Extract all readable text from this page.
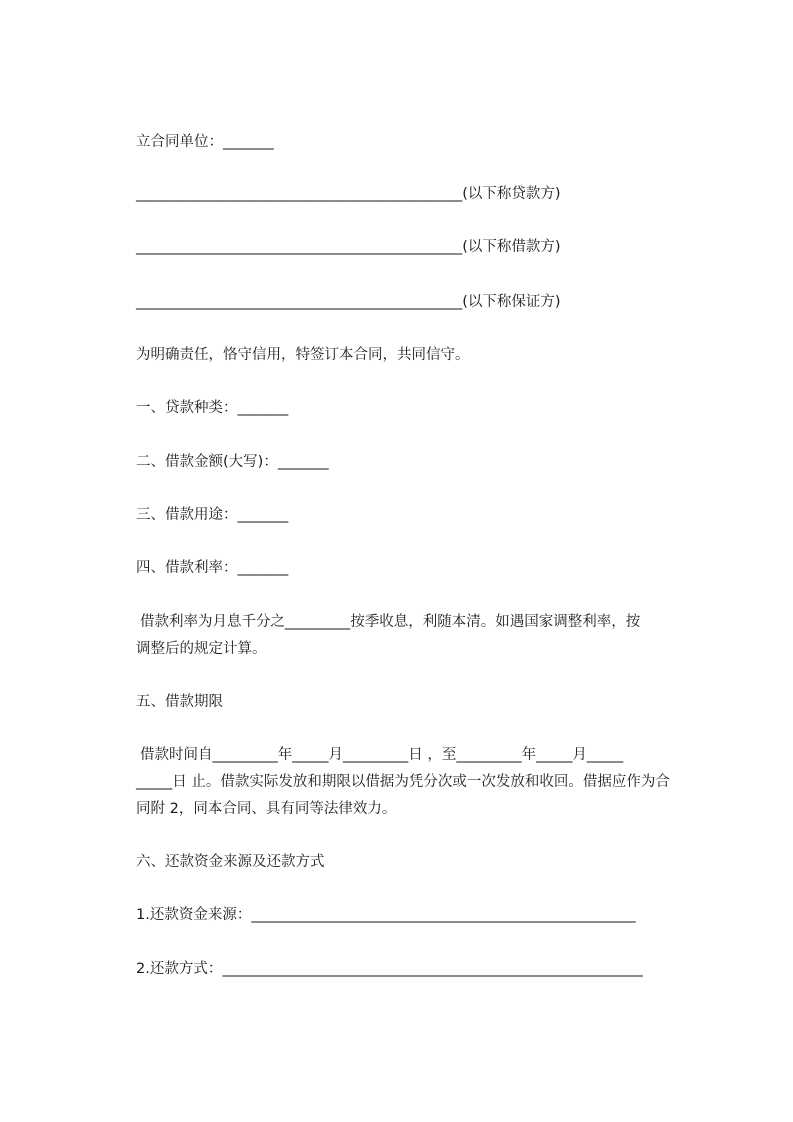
立合同单位：_______
_____________________________________________(以下称贷款方)
_____________________________________________(以下称借款方)
_____________________________________________(以下称保证方)
为明确责任，恪守信用，特签订本合同，共同信守。
一、贷款种类：_______
二、借款金额(大写)：_______
三、借款用途：_______
四、借款利率：_______
借款利率为月息千分之_________按季收息，利随本清。如遇国家调整利率，按
调整后的规定计算。
五、借款期限
借款时间自_________年_____月_________日 ，至_________年_____月_____
_____日 止。借款实际发放和期限以借据为凭分次或一次发放和收回。借据应作为合
同附 2，同本合同、具有同等法律效力。
六、还款资金来源及还款方式
1.还款资金来源：_____________________________________________________
2.还款方式：__________________________________________________________
